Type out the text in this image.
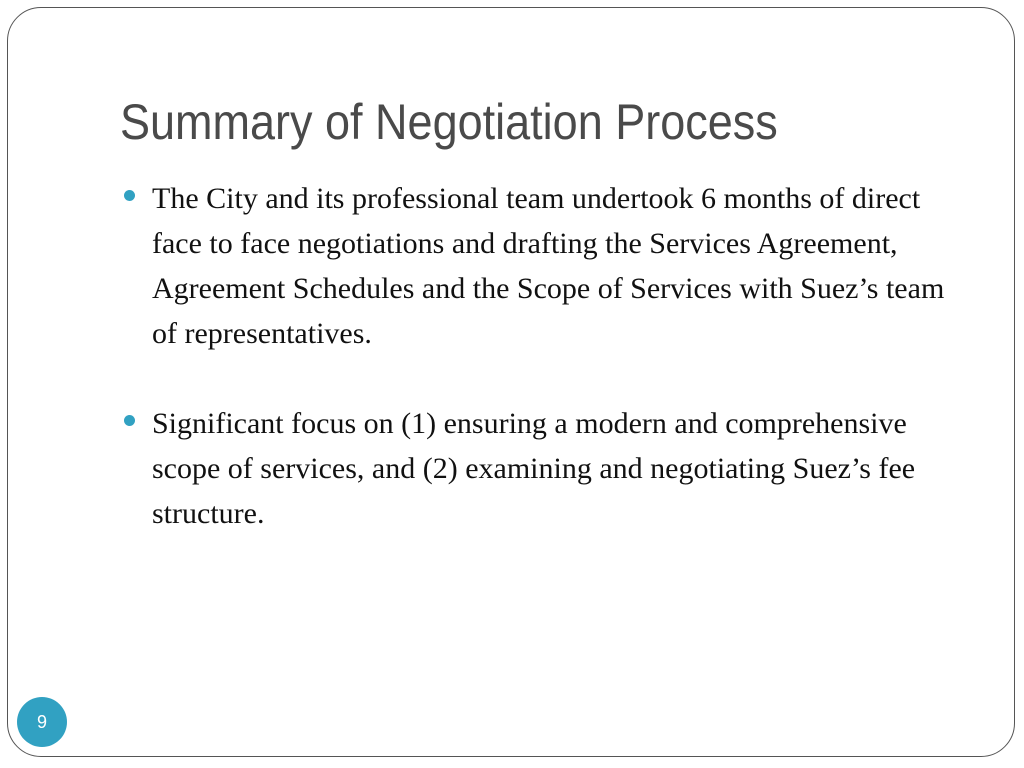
Summary of Negotiation Process
The City and its professional team undertook 6 months of direct face to face negotiations and drafting the Services Agreement, Agreement Schedules and the Scope of Services with Suez’s team of representatives.
Significant focus on (1) ensuring a modern and comprehensive scope of services, and (2) examining and negotiating Suez’s fee structure.
9
